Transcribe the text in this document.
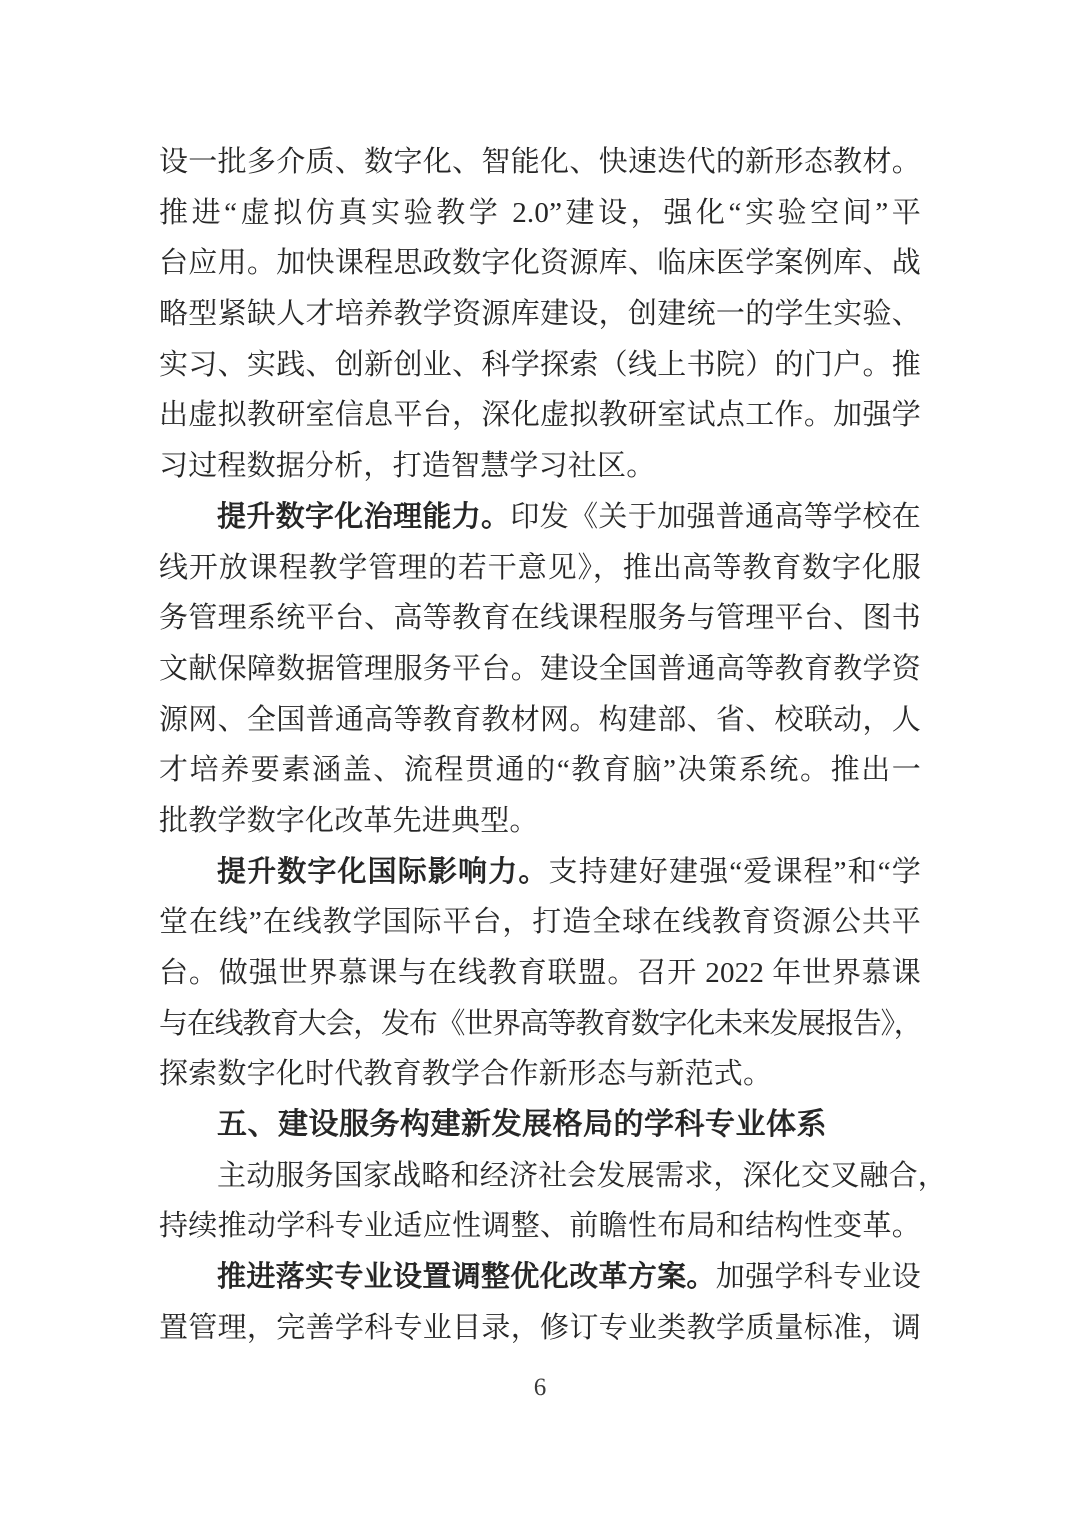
设一批多介质、数字化、智能化、快速迭代的新形态教材。
推进“虚拟仿真实验教学 2.0”建设，强化“实验空间”平
台应用。加快课程思政数字化资源库、临床医学案例库、战
略型紧缺人才培养教学资源库建设，创建统一的学生实验、
实习、实践、创新创业、科学探索（线上书院）的门户。推
出虚拟教研室信息平台，深化虚拟教研室试点工作。加强学
习过程数据分析，打造智慧学习社区。
提升数字化治理能力。印发《关于加强普通高等学校在
线开放课程教学管理的若干意见》，推出高等教育数字化服
务管理系统平台、高等教育在线课程服务与管理平台、图书
文献保障数据管理服务平台。建设全国普通高等教育教学资
源网、全国普通高等教育教材网。构建部、省、校联动，人
才培养要素涵盖、流程贯通的“教育脑”决策系统。推出一
批教学数字化改革先进典型。
提升数字化国际影响力。支持建好建强“爱课程”和“学
堂在线”在线教学国际平台，打造全球在线教育资源公共平
台。做强世界慕课与在线教育联盟。召开 2022 年世界慕课
与在线教育大会，发布《世界高等教育数字化未来发展报告》，
探索数字化时代教育教学合作新形态与新范式。
五、建设服务构建新发展格局的学科专业体系
主动服务国家战略和经济社会发展需求，深化交叉融合，
持续推动学科专业适应性调整、前瞻性布局和结构性变革。
推进落实专业设置调整优化改革方案。加强学科专业设
置管理，完善学科专业目录，修订专业类教学质量标准，调
6
